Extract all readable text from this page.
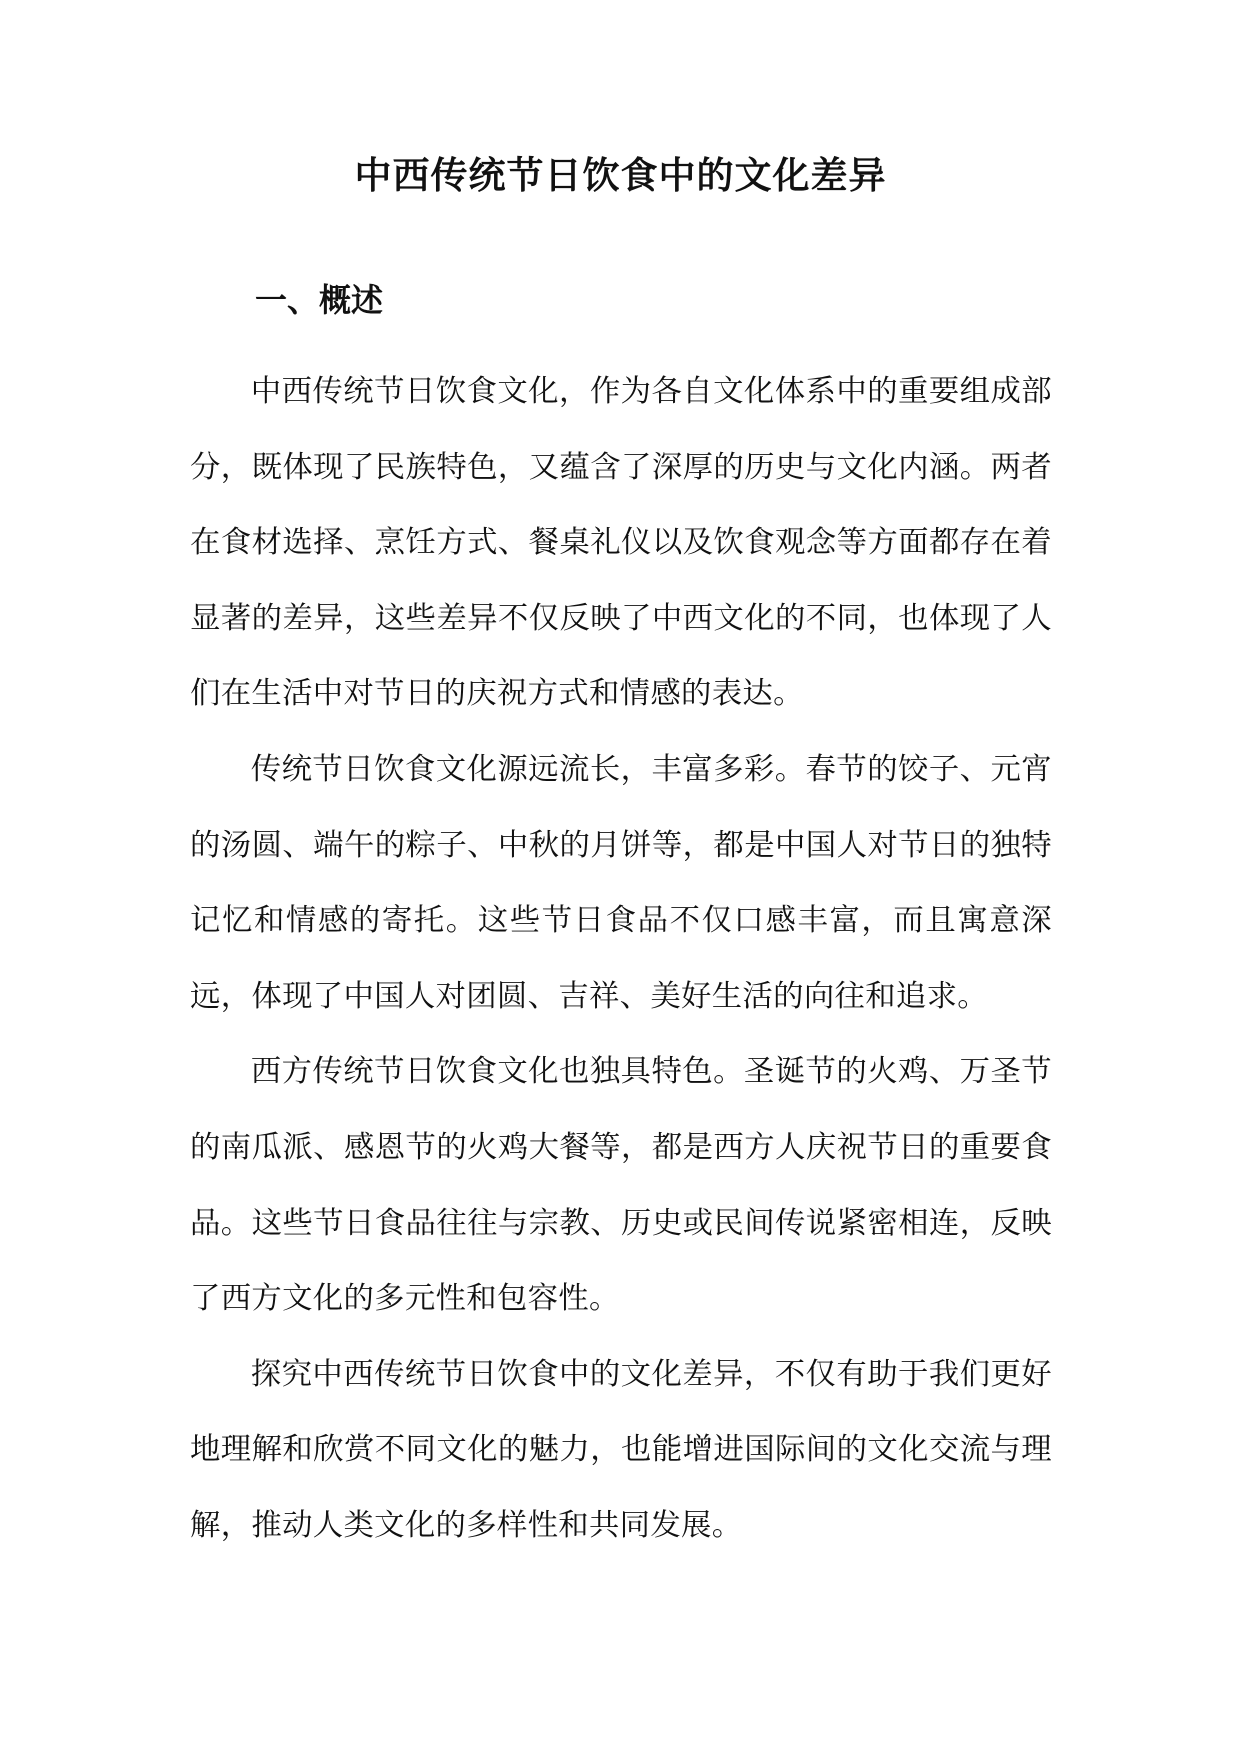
中西传统节日饮食中的文化差异
一、概述

中西传统节日饮食文化，作为各自文化体系中的重要组成部分，既体现了民族特色，又蕴含了深厚的历史与文化内涵。两者在食材选择、烹饪方式、餐桌礼仪以及饮食观念等方面都存在着显著的差异，这些差异不仅反映了中西文化的不同，也体现了人们在生活中对节日的庆祝方式和情感的表达。

传统节日饮食文化源远流长，丰富多彩。春节的饺子、元宵的汤圆、端午的粽子、中秋的月饼等，都是中国人对节日的独特记忆和情感的寄托。这些节日食品不仅口感丰富，而且寓意深远，体现了中国人对团圆、吉祥、美好生活的向往和追求。

西方传统节日饮食文化也独具特色。圣诞节的火鸡、万圣节的南瓜派、感恩节的火鸡大餐等，都是西方人庆祝节日的重要食品。这些节日食品往往与宗教、历史或民间传说紧密相连，反映了西方文化的多元性和包容性。

探究中西传统节日饮食中的文化差异，不仅有助于我们更好地理解和欣赏不同文化的魅力，也能增进国际间的文化交流与理解，推动人类文化的多样性和共同发展。
